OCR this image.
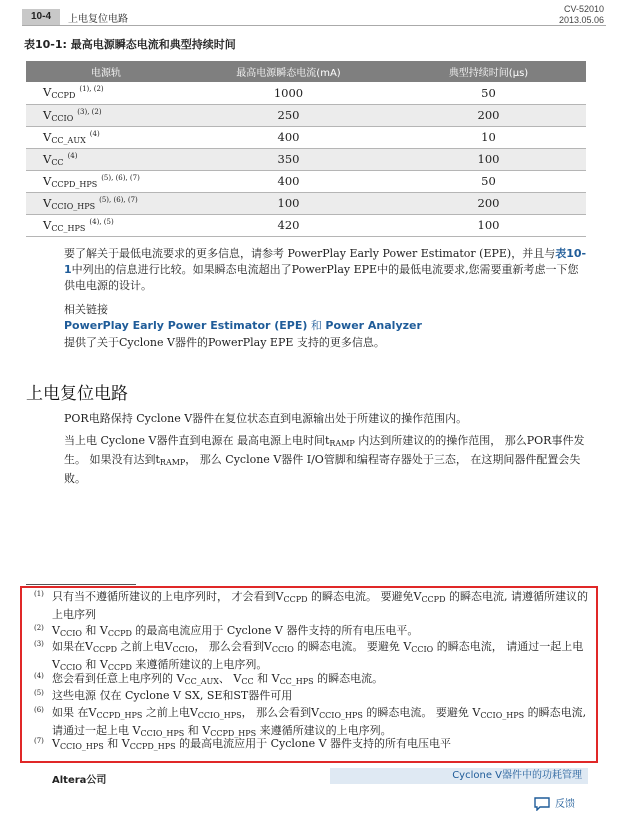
10-4	上电复位电路
CV-52010
2013.05.06
表10-1: 最高电源瞬态电流和典型持续时间
电源轨	最高电源瞬态电流(mA)	典型持续时间(µs)
$V_{CCPD}^{(1), (2)}$	1000	50
$V_{CCIO}^{(3), (2)}$	250	200
$V_{CC\_AUX}^{(4)}$	400	10
$V_{CC}^{(4)}$	350	100
$V_{CCPD\_HPS}^{(5), (6), (7)}$	400	50
$V_{CCIO\_HPS}^{(5), (6), (7)}$	100	200
$V_{CC\_HPS}^{(4), (5)}$	420	100
要了解关于最低电流要求的更多信息，请参考 PowerPlay Early Power Estimator (EPE)，并且与表10-1中列出的信息进行比较。如果瞬态电流超出了PowerPlay EPE中的最低电流要求,您需要重新考虑一下您供电电源的设计。
相关链接
PowerPlay Early Power Estimator (EPE) 和 Power Analyzer
提供了关于Cyclone V器件的PowerPlay EPE 支持的更多信息。
上电复位电路
POR电路保持 Cyclone V器件在复位状态直到电源输出处于所建议的操作范围内。
当上电 Cyclone V器件直到电源在 最高电源上电时间$t_{RAMP}$ 内达到所建议的的操作范围， 那么POR事件发生。 如果没有达到$t_{RAMP}$， 那么 Cyclone V器件 I/O管脚和编程寄存器处于三态， 在这期间器件配置会失败。
(1) 只有当不遵循所建议的上电序列时， 才会看到$V_{CCPD}$ 的瞬态电流。 要避免$V_{CCPD}$ 的瞬态电流, 请遵循所建议的上电序列
(2) $V_{CCIO}$ 和 $V_{CCPD}$ 的最高电流应用于 Cyclone V 器件支持的所有电压电平。
(3) 如果在$V_{CCPD}$ 之前上电$V_{CCIO}$， 那么会看到$V_{CCIO}$ 的瞬态电流。 要避免 $V_{CCIO}$ 的瞬态电流， 请通过一起上电 $V_{CCIO}$ 和 $V_{CCPD}$ 来遵循所建议的上电序列。
(4) 您会看到任意上电序列的 $V_{CC\_AUX}$、 $V_{CC}$ 和 $V_{CC\_HPS}$ 的瞬态电流。
(5) 这些电源 仅在 Cyclone V SX, SE和ST器件可用
(6) 如果 在$V_{CCPD\_HPS}$ 之前上电$V_{CCIO\_HPS}$， 那么会看到$V_{CCIO\_HPS}$ 的瞬态电流。 要避免 $V_{CCIO\_HPS}$ 的瞬态电流, 请通过一起上电 $V_{CCIO\_HPS}$ 和 $V_{CCPD\_HPS}$ 来遵循所建议的上电序列。
(7) $V_{CCIO\_HPS}$ 和 $V_{CCPD\_HPS}$ 的最高电流应用于 Cyclone V 器件支持的所有电压电平
Altera公司	Cyclone V器件中的功耗管理
反馈
